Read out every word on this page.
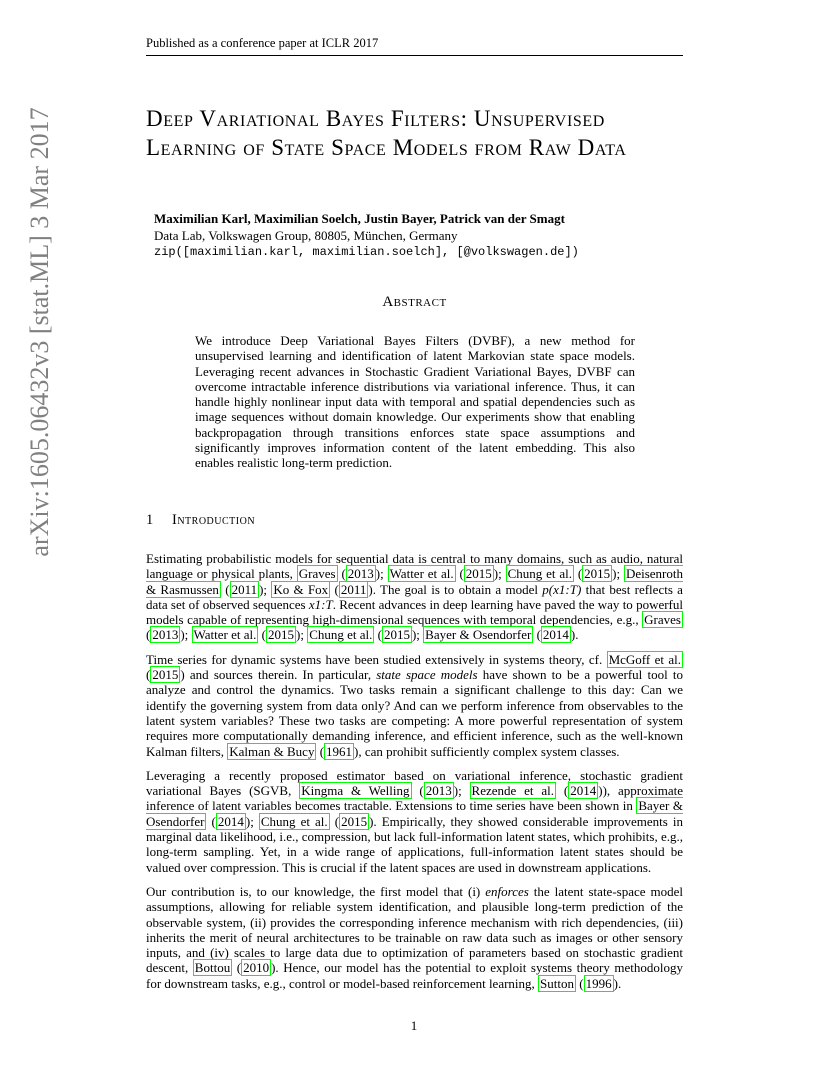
Published as a conference paper at ICLR 2017
arXiv:1605.06432v3 [stat.ML] 3 Mar 2017	Deep Variational Bayes Filters: Unsupervised Learning of State Space Models from Raw Data
Maximilian Karl, Maximilian Soelch, Justin Bayer, Patrick van der Smagt
Data Lab, Volkswagen Group, 80805, München, Germany
zip([maximilian.karl, maximilian.soelch], [@volkswagen.de])
Abstract

We introduce Deep Variational Bayes Filters (DVBF), a new method for unsupervised learning and identification of latent Markovian state space models. Leveraging recent advances in Stochastic Gradient Variational Bayes, DVBF can overcome intractable inference distributions via variational inference. Thus, it can handle highly nonlinear input data with temporal and spatial dependencies such as image sequences without domain knowledge. Our experiments show that enabling backpropagation through transitions enforces state space assumptions and significantly improves information content of the latent embedding. This also enables realistic long-term prediction.

1 Introduction

Estimating probabilistic models for sequential data is central to many domains, such as audio, natural language or physical plants, Graves ( 2013 ); Watter et al. ( 2015 ); Chung et al. ( 2015 ); Deisenroth & Rasmussen ( 2011 ); Ko & Fox ( 2011 ). The goal is to obtain a model p(x1:T) that best reflects a data set of observed sequences x1:T. Recent advances in deep learning have paved the way to powerful models capable of representing high-dimensional sequences with temporal dependencies, e.g., Graves ( 2013 ); Watter et al. ( 2015 ); Chung et al. ( 2015 ); Bayer & Osendorfer ( 2014 ).

Time series for dynamic systems have been studied extensively in systems theory, cf. McGoff et al. ( 2015 ) and sources therein. In particular, state space models have shown to be a powerful tool to analyze and control the dynamics. Two tasks remain a significant challenge to this day: Can we identify the governing system from data only? And can we perform inference from observables to the latent system variables? These two tasks are competing: A more powerful representation of system requires more computationally demanding inference, and efficient inference, such as the well-known Kalman filters, Kalman & Bucy ( 1961 ), can prohibit sufficiently complex system classes.

Leveraging a recently proposed estimator based on variational inference, stochastic gradient variational Bayes (SGVB, Kingma & Welling ( 2013 ); Rezende et al. ( 2014 )), approximate inference of latent variables becomes tractable. Extensions to time series have been shown in Bayer & Osendorfer ( 2014 ); Chung et al. ( 2015 ). Empirically, they showed considerable improvements in marginal data likelihood, i.e., compression, but lack full-information latent states, which prohibits, e.g., long-term sampling. Yet, in a wide range of applications, full-information latent states should be valued over compression. This is crucial if the latent spaces are used in downstream applications.

Our contribution is, to our knowledge, the first model that (i) enforces the latent state-space model assumptions, allowing for reliable system identification, and plausible long-term prediction of the observable system, (ii) provides the corresponding inference mechanism with rich dependencies, (iii) inherits the merit of neural architectures to be trainable on raw data such as images or other sensory inputs, and (iv) scales to large data due to optimization of parameters based on stochastic gradient descent, Bottou ( 2010 ). Hence, our model has the potential to exploit systems theory methodology for downstream tasks, e.g., control or model-based reinforcement learning, Sutton ( 1996 ).

1
